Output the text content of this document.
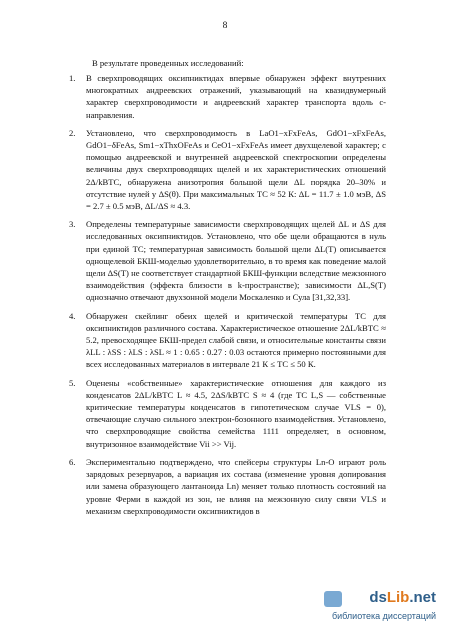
8
В результате проведенных исследований:
1. В сверхпроводящих оксипниктидах впервые обнаружен эффект внутренних многократных андреевских отражений, указывающий на квазидвумерный характер сверхпроводимости и андреевский характер транспорта вдоль c-направления.
2. Установлено, что сверхпроводимость в LaO1−xFxFeAs, GdO1−xFxFeAs, GdO1−δFeAs, Sm1−xThxOFeAs и CeO1−xFxFeAs имеет двухщелевой характер; с помощью андреевской и внутренней андреевской спектроскопии определены величины двух сверхпроводящих щелей и их характеристических отношений 2Δ/kBTC, обнаружена анизотропия большой щели ΔL порядка 20–30% и отсутствие нулей у ΔS(θ). При максимальных TC ≈ 52 К: ΔL = 11.7 ± 1.0 мэВ, ΔS = 2.7 ± 0.5 мэВ, ΔL/ΔS ≈ 4.3.
3. Определены температурные зависимости сверхпроводящих щелей ΔL и ΔS для исследованных оксипниктидов. Установлено, что обе щели обращаются в нуль при единой TC; температурная зависимость большой щели ΔL(T) описывается однощелевой БКШ-моделью удовлетворительно, в то время как поведение малой щели ΔS(T) не соответствует стандартной БКШ-функции вследствие межзонного взаимодействия (эффекта близости в k-пространстве); зависимости ΔL,S(T) однозначно отвечают двухзонной модели Москаленко и Сула [31,32,33].
4. Обнаружен скейлинг обеих щелей и критической температуры TC для оксипниктидов различного состава. Характеристическое отношение 2ΔL/kBTC ≈ 5.2, превосходящее БКШ-предел слабой связи, и относительные константы связи λLL : λSS : λLS : λSL ≈ 1 : 0.65 : 0.27 : 0.03 остаются примерно постоянными для всех исследованных материалов в интервале 21 К ≤ TC ≤ 50 К.
5. Оценены «собственные» характеристические отношения для каждого из конденсатов 2ΔL/kBTC L ≈ 4.5, 2ΔS/kBTC S ≈ 4 (где TC L,S — собственные критические температуры конденсатов в гипотетическом случае VLS = 0), отвечающие случаю сильного электрон-бозонного взаимодействия. Установлено, что сверхпроводящие свойства семейства 1111 определяет, в основном, внутризонное взаимодействие Vii >> Vij.
6. Экспериментально подтверждено, что спейсеры структуры Ln-O играют роль зарядовых резервуаров, а вариация их состава (изменение уровня допирования или замена образующего лантаноида Ln) меняет только плотность состояний на уровне Ферми в каждой из зон, не влияя на межзонную силу связи VLS и механизм сверхпроводимости оксипниктидов в
dsLib.net
библиотека диссертаций
